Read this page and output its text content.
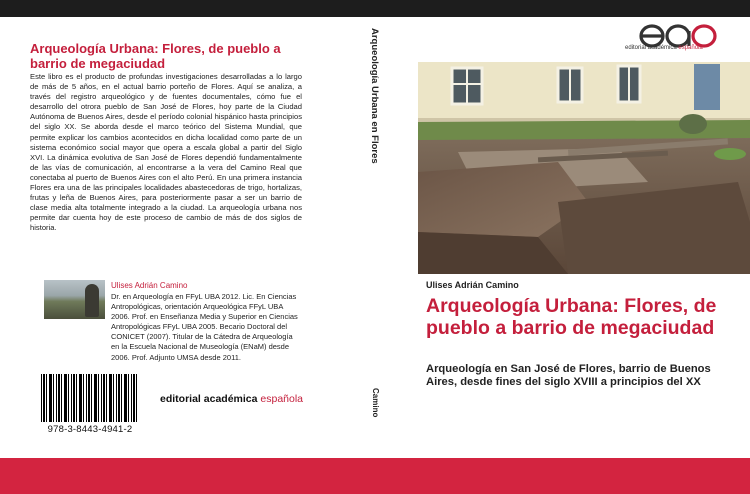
Arqueología Urbana: Flores, de pueblo a barrio de megaciudad
Este libro es el producto de profundas investigaciones desarrolladas a lo largo de más de 5 años, en el actual barrio porteño de Flores. Aquí se analiza, a través del registro arqueológico y de fuentes documentales, cómo fue el desarrollo del otrora pueblo de San José de Flores, hoy parte de la Ciudad Autónoma de Buenos Aires, desde el período colonial hispánico hasta principios del siglo XX. Se aborda desde el marco teórico del Sistema Mundial, que permite explicar los cambios acontecidos en dicha localidad como parte de un sistema económico social mayor que opera a escala global a partir del Siglo XVI. La dinámica evolutiva de San José de Flores dependió fundamentalmente de las vías de comunicación, al encontrarse a la vera del Camino Real que conectaba al puerto de Buenos Aires con el alto Perú. En una primera instancia Flores era una de las principales localidades abastecedoras de trigo, hortalizas, frutas y leña de Buenos Aires, para posteriormente pasar a ser un barrio de clase media alta totalmente integrado a la ciudad. La arqueología urbana nos permite dar cuenta hoy de este proceso de cambio de más de dos siglos de historia.
Ulises Adrián Camino
Dr. en Arqueología en FFyL UBA 2012. Lic. En Ciencias Antropológicas, orientación Arqueológica FFyL UBA 2006. Prof. en Enseñanza Media y Superior en Ciencias Antropológicas FFyL UBA 2005. Becario Doctoral del CONICET (2007). Titular de la Cátedra de Arqueología en la Escuela Nacional de Museología (ENaM) desde 2006. Prof. Adjunto UMSA desde 2011.
978-3-8443-4941-2
editorial académica española
Arqueología Urbana en Flores
Camino
editorial académica española
Ulises Adrián Camino
Arqueología Urbana: Flores, de pueblo a barrio de megaciudad
Arqueología en San José de Flores, barrio de Buenos Aires, desde fines del siglo XVIII a principios del XX
